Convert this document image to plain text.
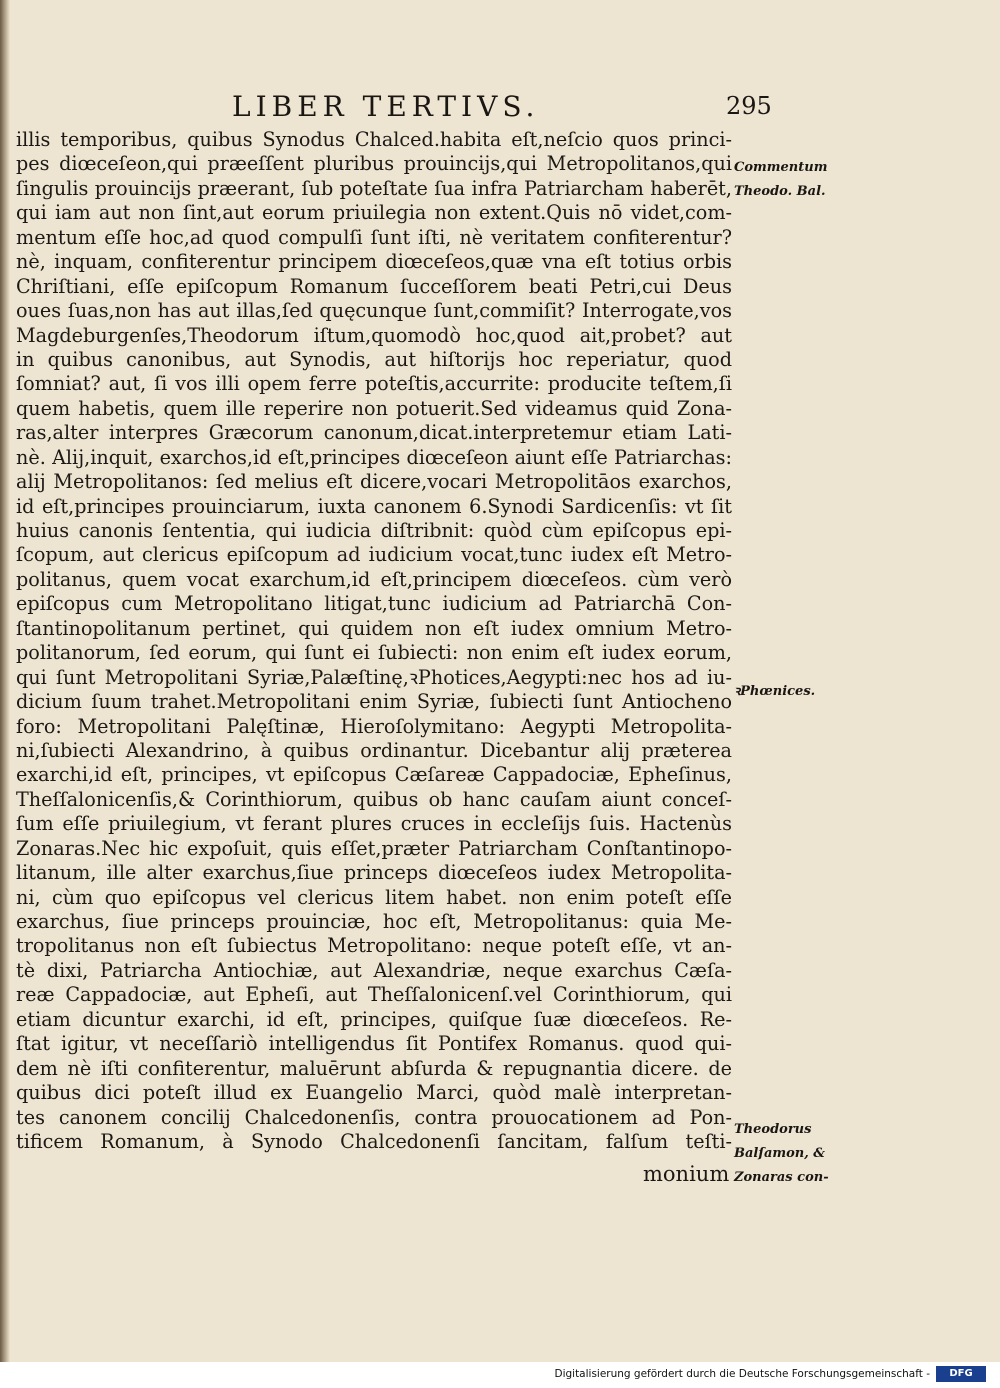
LIBER TERTIVS.	295
illis temporibus, quibus Synodus Chalced.habita eſt,neſcio quos princi-
pes diœceſeon,qui præeſſent pluribus prouincijs,qui Metropolitanos,qui
ſingulis prouincijs præerant, ſub poteſtate ſua infra Patriarcham haberēt,
qui iam aut non ſint,aut eorum priuilegia non extent.Quis nō videt,com-
mentum eſſe hoc,ad quod compulſi ſunt iſti, nè veritatem confiterentur?
nè, inquam, confiterentur principem diœceſeos,quæ vna eſt totius orbis
Chriſtiani, eſſe epiſcopum Romanum ſucceſſorem beati Petri,cui Deus
oues ſuas,non has aut illas,ſed quęcunque ſunt,commiſit? Interrogate,vos
Magdeburgenſes,Theodorum iſtum,quomodò hoc,quod ait,probet? aut
in quibus canonibus, aut Synodis, aut hiſtorijs hoc reperiatur, quod
ſomniat? aut, ſi vos illi opem ferre poteſtis,accurrite: producite teſtem,ſi
quem habetis, quem ille reperire non potuerit.Sed videamus quid Zona-
ras,alter interpres Græcorum canonum,dicat.interpretemur etiam Lati-
nè. Alij,inquit, exarchos,id eſt,principes diœceſeon aiunt eſſe Patriarchas:
alij Metropolitanos: ſed melius eſt dicere,vocari Metropolitāos exarchos,
id eſt,principes prouinciarum, iuxta canonem 6.Synodi Sardicenſis: vt ſit
huius canonis ſententia, qui iudicia diſtribnit: quòd cùm epiſcopus epi-
ſcopum, aut clericus epiſcopum ad iudicium vocat,tunc iudex eſt Metro-
politanus, quem vocat exarchum,id eſt,principem diœceſeos. cùm verò
epiſcopus cum Metropolitano litigat,tunc iudicium ad Patriarchā Con-
ſtantinopolitanum pertinet, qui quidem non eſt iudex omnium Metro-
politanorum, ſed eorum, qui ſunt ei ſubiecti: non enim eſt iudex eorum,
qui ſunt Metropolitani Syriæ,Palæſtinę,ꝛPhotices,Aegypti:nec hos ad iu-
dicium ſuum trahet.Metropolitani enim Syriæ, ſubiecti ſunt Antiocheno
foro: Metropolitani Palęſtinæ, Hieroſolymitano: Aegypti Metropolita-
ni,ſubiecti Alexandrino, à quibus ordinantur. Dicebantur alij præterea
exarchi,id eſt, principes, vt epiſcopus Cæſareæ Cappadociæ, Epheſinus,
Theſſalonicenſis,& Corinthiorum, quibus ob hanc cauſam aiunt conceſ-
ſum eſſe priuilegium, vt ferant plures cruces in eccleſijs ſuis. Hactenùs
Zonaras.Nec hic expoſuit, quis eſſet,præter Patriarcham Conſtantinopo-
litanum, ille alter exarchus,ſiue princeps diœceſeos iudex Metropolita-
ni, cùm quo epiſcopus vel clericus litem habet. non enim poteſt eſſe
exarchus, ſiue princeps prouinciæ, hoc eſt, Metropolitanus: quia Me-
tropolitanus non eſt ſubiectus Metropolitano: neque poteſt eſſe, vt an-
tè dixi, Patriarcha Antiochiæ, aut Alexandriæ, neque exarchus Cæſa-
reæ Cappadociæ, aut Epheſi, aut Theſſalonicenſ.vel Corinthiorum, qui
etiam dicuntur exarchi, id eſt, principes, quiſque ſuæ diœceſeos. Re-
ſtat igitur, vt neceſſariò intelligendus ſit Pontifex Romanus. quod qui-
dem nè iſti confiterentur, maluērunt abſurda & repugnantia dicere. de
quibus dici poteſt illud ex Euangelio Marci, quòd malè interpretan-
tes canonem concilij Chalcedonenſis, contra prouocationem ad Pon-
tificem Romanum, à Synodo Chalcedonenſi ſancitam, falſum teſti-
monium
Commentum
Theodo. Bal.
ꝛPhœnices.
Theodorus
Balſamon, &
Zonaras con-
Digitalisierung gefördert durch die Deutsche Forschungsgemeinschaft -	DFG
